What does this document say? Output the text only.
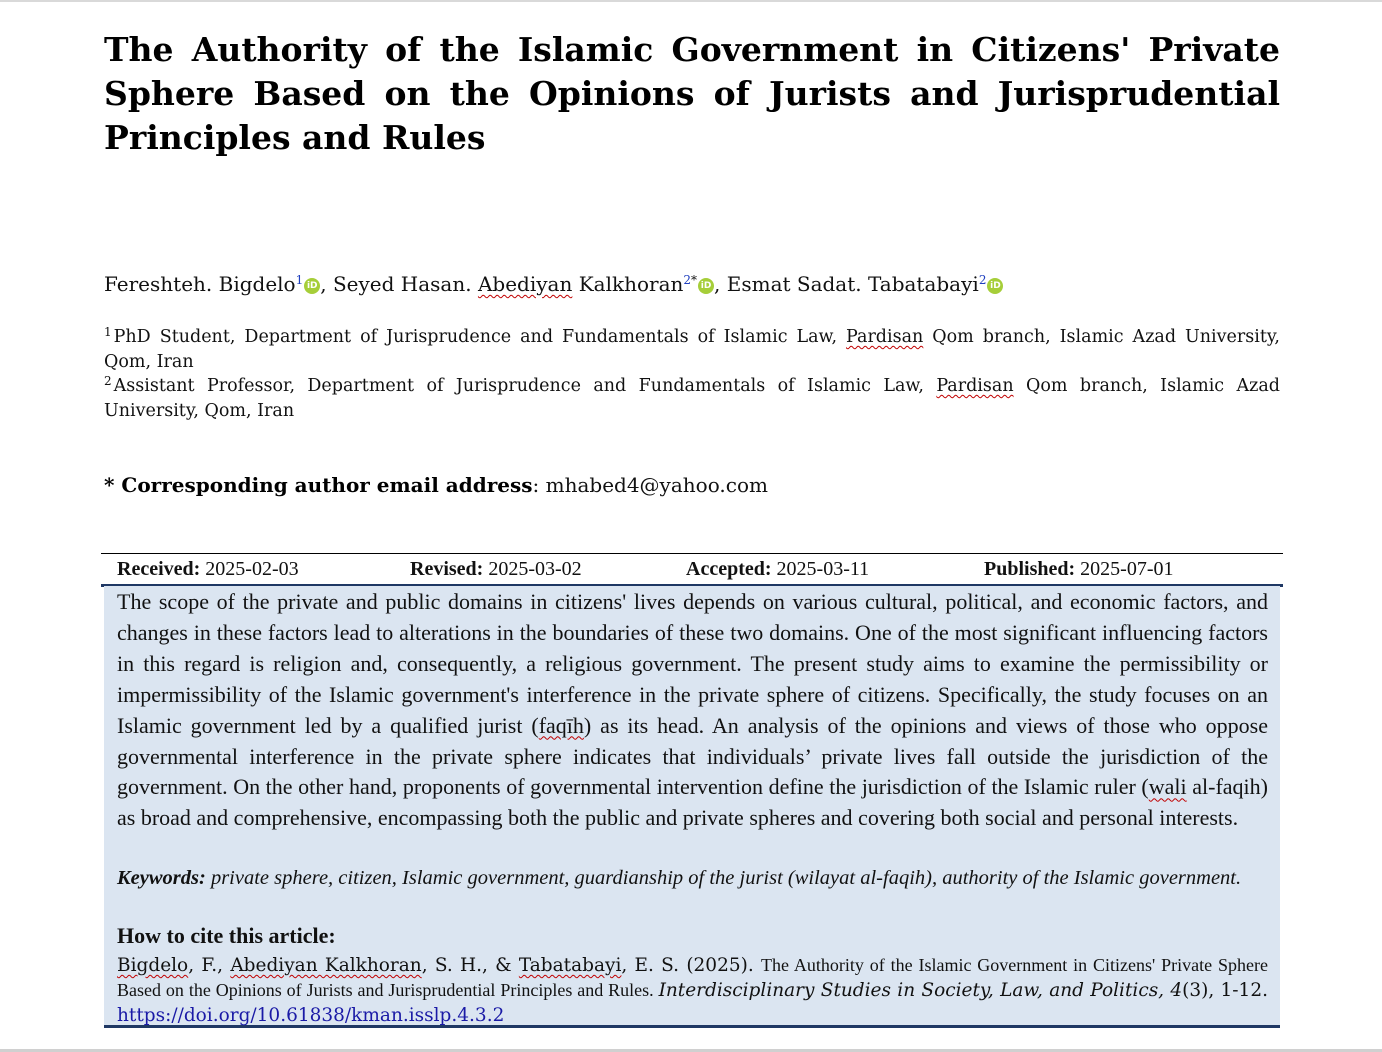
The Authority of the Islamic Government in Citizens' Private Sphere Based on the Opinions of Jurists and Jurisprudential Principles and Rules
Fereshteh. Bigdelo$^1$ iD , Seyed Hasan. Abediyan Kalkhoran$^{2*}$ iD , Esmat Sadat. Tabatabayi$^2$ iD
$^1$ PhD Student, Department of Jurisprudence and Fundamentals of Islamic Law, Pardisan Qom branch, Islamic Azad University, Qom, Iran
$^2$ Assistant Professor, Department of Jurisprudence and Fundamentals of Islamic Law, Pardisan Qom branch, Islamic Azad University, Qom, Iran
* Corresponding author email address: mhabed4@yahoo.com
Received: 2025-02-03	Revised: 2025-03-02	Accepted: 2025-03-11	Published: 2025-07-01

The scope of the private and public domains in citizens' lives depends on various cultural, political, and economic factors, and changes in these factors lead to alterations in the boundaries of these two domains. One of the most significant influencing factors in this regard is religion and, consequently, a religious government. The present study aims to examine the permissibility or impermissibility of the Islamic government's interference in the private sphere of citizens. Specifically, the study focuses on an Islamic government led by a qualified jurist (faqīh) as its head. An analysis of the opinions and views of those who oppose governmental interference in the private sphere indicates that individuals’ private lives fall outside the jurisdiction of the government. On the other hand, proponents of governmental intervention define the jurisdiction of the Islamic ruler (wali al-faqih) as broad and comprehensive, encompassing both the public and private spheres and covering both social and personal interests.

Keywords: private sphere, citizen, Islamic government, guardianship of the jurist (wilayat al-faqih), authority of the Islamic government.

How to cite this article:

Bigdelo, F., Abediyan Kalkhoran, S. H., & Tabatabayi, E. S. (2025). The Authority of the Islamic Government in Citizens' Private Sphere Based on the Opinions of Jurists and Jurisprudential Principles and Rules. Interdisciplinary Studies in Society, Law, and Politics, 4(3), 1-12. https://doi.org/10.61838/kman.isslp.4.3.2
